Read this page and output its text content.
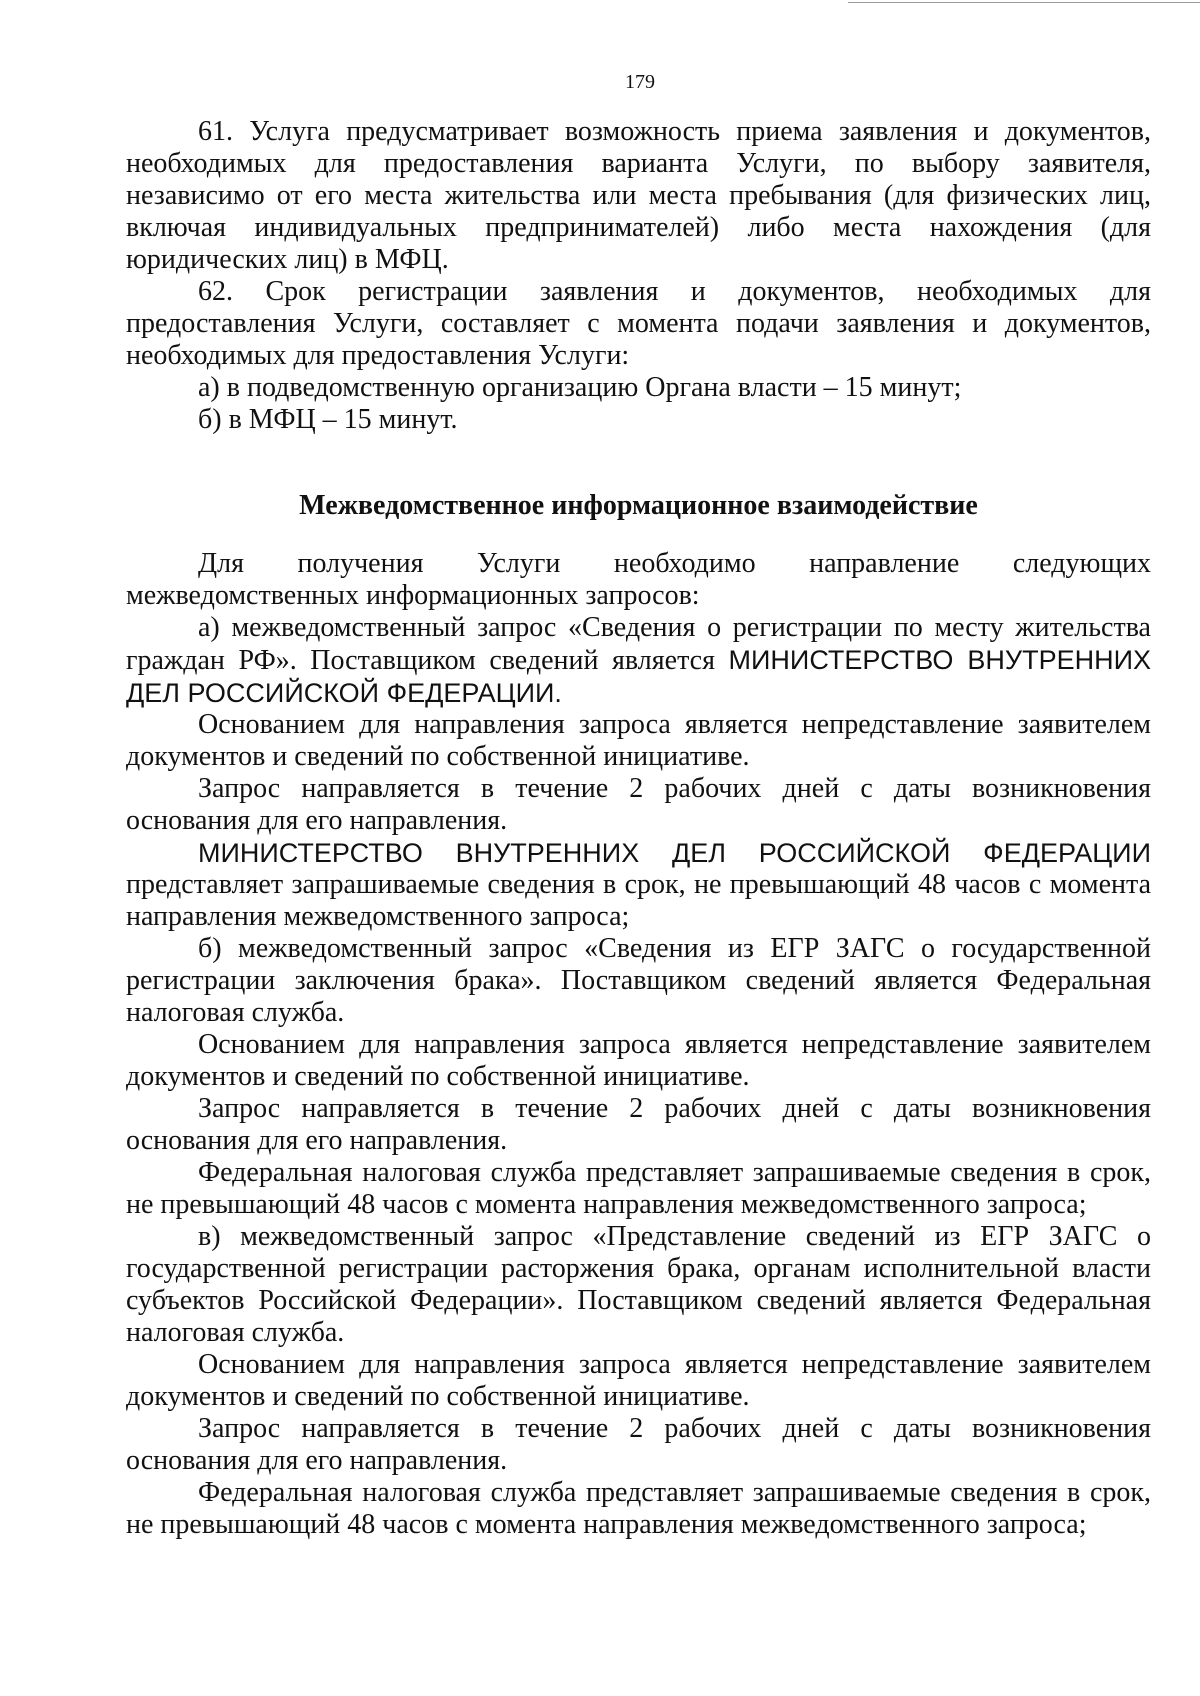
179

61. Услуга предусматривает возможность приема заявления и документов,
необходимых для предоставления варианта Услуги, по выбору заявителя,
независимо от его места жительства или места пребывания (для физических лиц,
включая индивидуальных предпринимателей) либо места нахождения (для
юридических лиц) в МФЦ.

62. Срок регистрации заявления и документов, необходимых для
предоставления Услуги, составляет с момента подачи заявления и документов,
необходимых для предоставления Услуги:

а) в подведомственную организацию Органа власти – 15 минут;

б) в МФЦ – 15 минут.

Межведомственное информационное взаимодействие

Для получения Услуги необходимо направление следующих
межведомственных информационных запросов:

а) межведомственный запрос «Сведения о регистрации по месту жительства
граждан РФ». Поставщиком сведений является МИНИСТЕРСТВО ВНУТРЕННИХ
ДЕЛ РОССИЙСКОЙ ФЕДЕРАЦИИ.

Основанием для направления запроса является непредставление заявителем
документов и сведений по собственной инициативе.

Запрос направляется в течение 2 рабочих дней с даты возникновения
основания для его направления.

МИНИСТЕРСТВО ВНУТРЕННИХ ДЕЛ РОССИЙСКОЙ ФЕДЕРАЦИИ
представляет запрашиваемые сведения в срок, не превышающий 48 часов с момента
направления межведомственного запроса;

б) межведомственный запрос «Сведения из ЕГР ЗАГС о государственной
регистрации заключения брака». Поставщиком сведений является Федеральная
налоговая служба.

Основанием для направления запроса является непредставление заявителем
документов и сведений по собственной инициативе.

Запрос направляется в течение 2 рабочих дней с даты возникновения
основания для его направления.

Федеральная налоговая служба представляет запрашиваемые сведения в срок,
не превышающий 48 часов с момента направления межведомственного запроса;

в) межведомственный запрос «Представление сведений из ЕГР ЗАГС о
государственной регистрации расторжения брака, органам исполнительной власти
субъектов Российской Федерации». Поставщиком сведений является Федеральная
налоговая служба.

Основанием для направления запроса является непредставление заявителем
документов и сведений по собственной инициативе.

Запрос направляется в течение 2 рабочих дней с даты возникновения
основания для его направления.

Федеральная налоговая служба представляет запрашиваемые сведения в срок,
не превышающий 48 часов с момента направления межведомственного запроса;
